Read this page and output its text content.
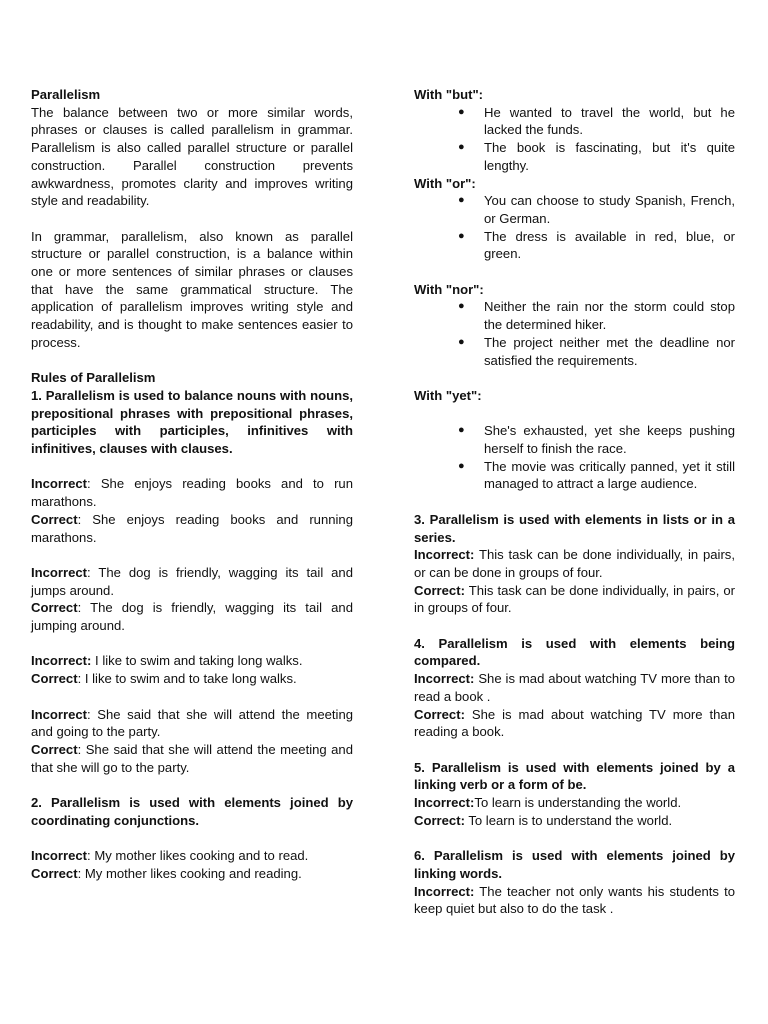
Parallelism

The balance between two or more similar words, phrases or clauses is called parallelism in grammar. Parallelism is also called parallel structure or parallel construction. Parallel construction prevents awkwardness, promotes clarity and improves writing style and readability.

In grammar, parallelism, also known as parallel structure or parallel construction, is a balance within one or more sentences of similar phrases or clauses that have the same grammatical structure. The application of parallelism improves writing style and readability, and is thought to make sentences easier to process.

Rules of Parallelism

1. Parallelism is used to balance nouns with nouns, prepositional phrases with prepositional phrases, participles with participles, infinitives with infinitives, clauses with clauses.

Incorrect: She enjoys reading books and to run marathons.

Correct: She enjoys reading books and running marathons.

Incorrect: The dog is friendly, wagging its tail and jumps around.

Correct: The dog is friendly, wagging its tail and jumping around.

Incorrect: I like to swim and taking long walks.

Correct: I like to swim and to take long walks.

Incorrect: She said that she will attend the meeting and going to the party.

Correct: She said that she will attend the meeting and that she will go to the party.

2. Parallelism is used with elements joined by coordinating conjunctions.

Incorrect: My mother likes cooking and to read.

Correct: My mother likes cooking and reading.

With "but":
● He wanted to travel the world, but he lacked the funds.
● The book is fascinating, but it's quite lengthy.
With "or":
● You can choose to study Spanish, French, or German.
● The dress is available in red, blue, or green.
With "nor":
● Neither the rain nor the storm could stop the determined hiker.
● The project neither met the deadline nor satisfied the requirements.
With "yet":
● She's exhausted, yet she keeps pushing herself to finish the race.
● The movie was critically panned, yet it still managed to attract a large audience.

3. Parallelism is used with elements in lists or in a series.

Incorrect: This task can be done individually, in pairs, or can be done in groups of four.

Correct: This task can be done individually, in pairs, or in groups of four.

4. Parallelism is used with elements being compared.

Incorrect: She is mad about watching TV more than to read a book .

Correct: She is mad about watching TV more than reading a book.

5. Parallelism is used with elements joined by a linking verb or a form of be.

Incorrect:To learn is understanding the world.

Correct: To learn is to understand the world.

6. Parallelism is used with elements joined by linking words.

Incorrect: The teacher not only wants his students to keep quiet but also to do the task .
